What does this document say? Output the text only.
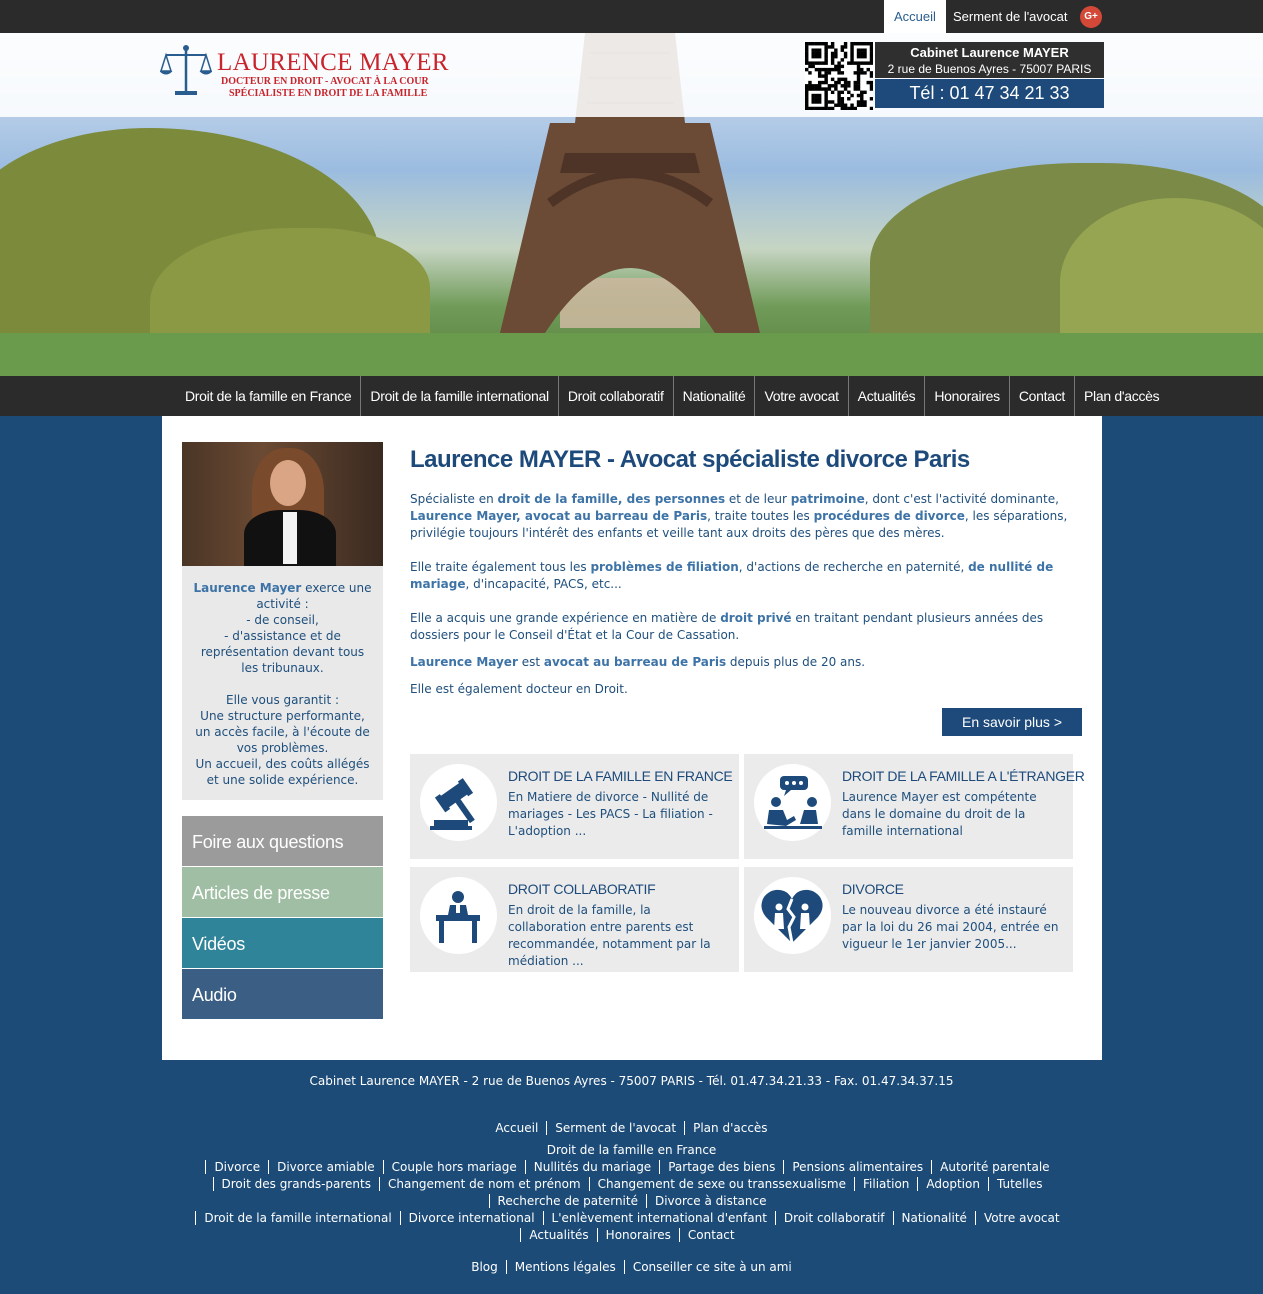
Accueil	Serment de l'avocat	G+
LAURENCE MAYER
DOCTEUR EN DROIT - AVOCAT À LA COUR
SPÉCIALISTE EN DROIT DE LA FAMILLE
Cabinet Laurence MAYER
2 rue de Buenos Ayres - 75007 PARIS
Tél : 01 47 34 21 33
Droit de la famille en France	Droit de la famille international	Droit collaboratif	Nationalité	Votre avocat	Actualités	Honoraires	Contact	Plan d'accès
Laurence Mayer exerce une activité :
- de conseil,
- d'assistance et de représentation devant tous les tribunaux.
Elle vous garantit :
Une structure performante, un accès facile, à l'écoute de vos problèmes.
Un accueil, des coûts allégés et une solide expérience.
Foire aux questions
Articles de presse
Vidéos
Audio
Laurence MAYER - Avocat spécialiste divorce Paris

Spécialiste en droit de la famille, des personnes et de leur patrimoine, dont c'est l'activité dominante, Laurence Mayer, avocat au barreau de Paris, traite toutes les procédures de divorce, les séparations, privilégie toujours l'intérêt des enfants et veille tant aux droits des pères que des mères.

Elle traite également tous les problèmes de filiation, d'actions de recherche en paternité, de nullité de mariage, d'incapacité, PACS, etc...

Elle a acquis une grande expérience en matière de droit privé en traitant pendant plusieurs années des dossiers pour le Conseil d'État et la Cour de Cassation.

Laurence Mayer est avocat au barreau de Paris depuis plus de 20 ans.

Elle est également docteur en Droit.

En savoir plus >
DROIT DE LA FAMILLE EN FRANCE
En Matiere de divorce - Nullité de mariages - Les PACS - La filiation - L'adoption ...
DROIT DE LA FAMILLE A L'ÉTRANGER
Laurence Mayer est compétente dans le domaine du droit de la famille international
DROIT COLLABORATIF
En droit de la famille, la collaboration entre parents est recommandée, notamment par la médiation ...
DIVORCE
Le nouveau divorce a été instauré par la loi du 26 mai 2004, entrée en vigueur le 1er janvier 2005...
Cabinet Laurence MAYER - 2 rue de Buenos Ayres - 75007 PARIS - Tél. 01.47.34.21.33 - Fax. 01.47.34.37.15
Accueil Serment de l'avocat Plan d'accès
Droit de la famille en France
Divorce Divorce amiable Couple hors mariage Nullités du mariage Partage des biens Pensions alimentaires Autorité parentale
Droit des grands-parents Changement de nom et prénom Changement de sexe ou transsexualisme Filiation Adoption Tutelles
Recherche de paternité Divorce à distance
Droit de la famille international Divorce international L'enlèvement international d'enfant Droit collaboratif Nationalité Votre avocat
Actualités Honoraires Contact
Blog Mentions légales Conseiller ce site à un ami
